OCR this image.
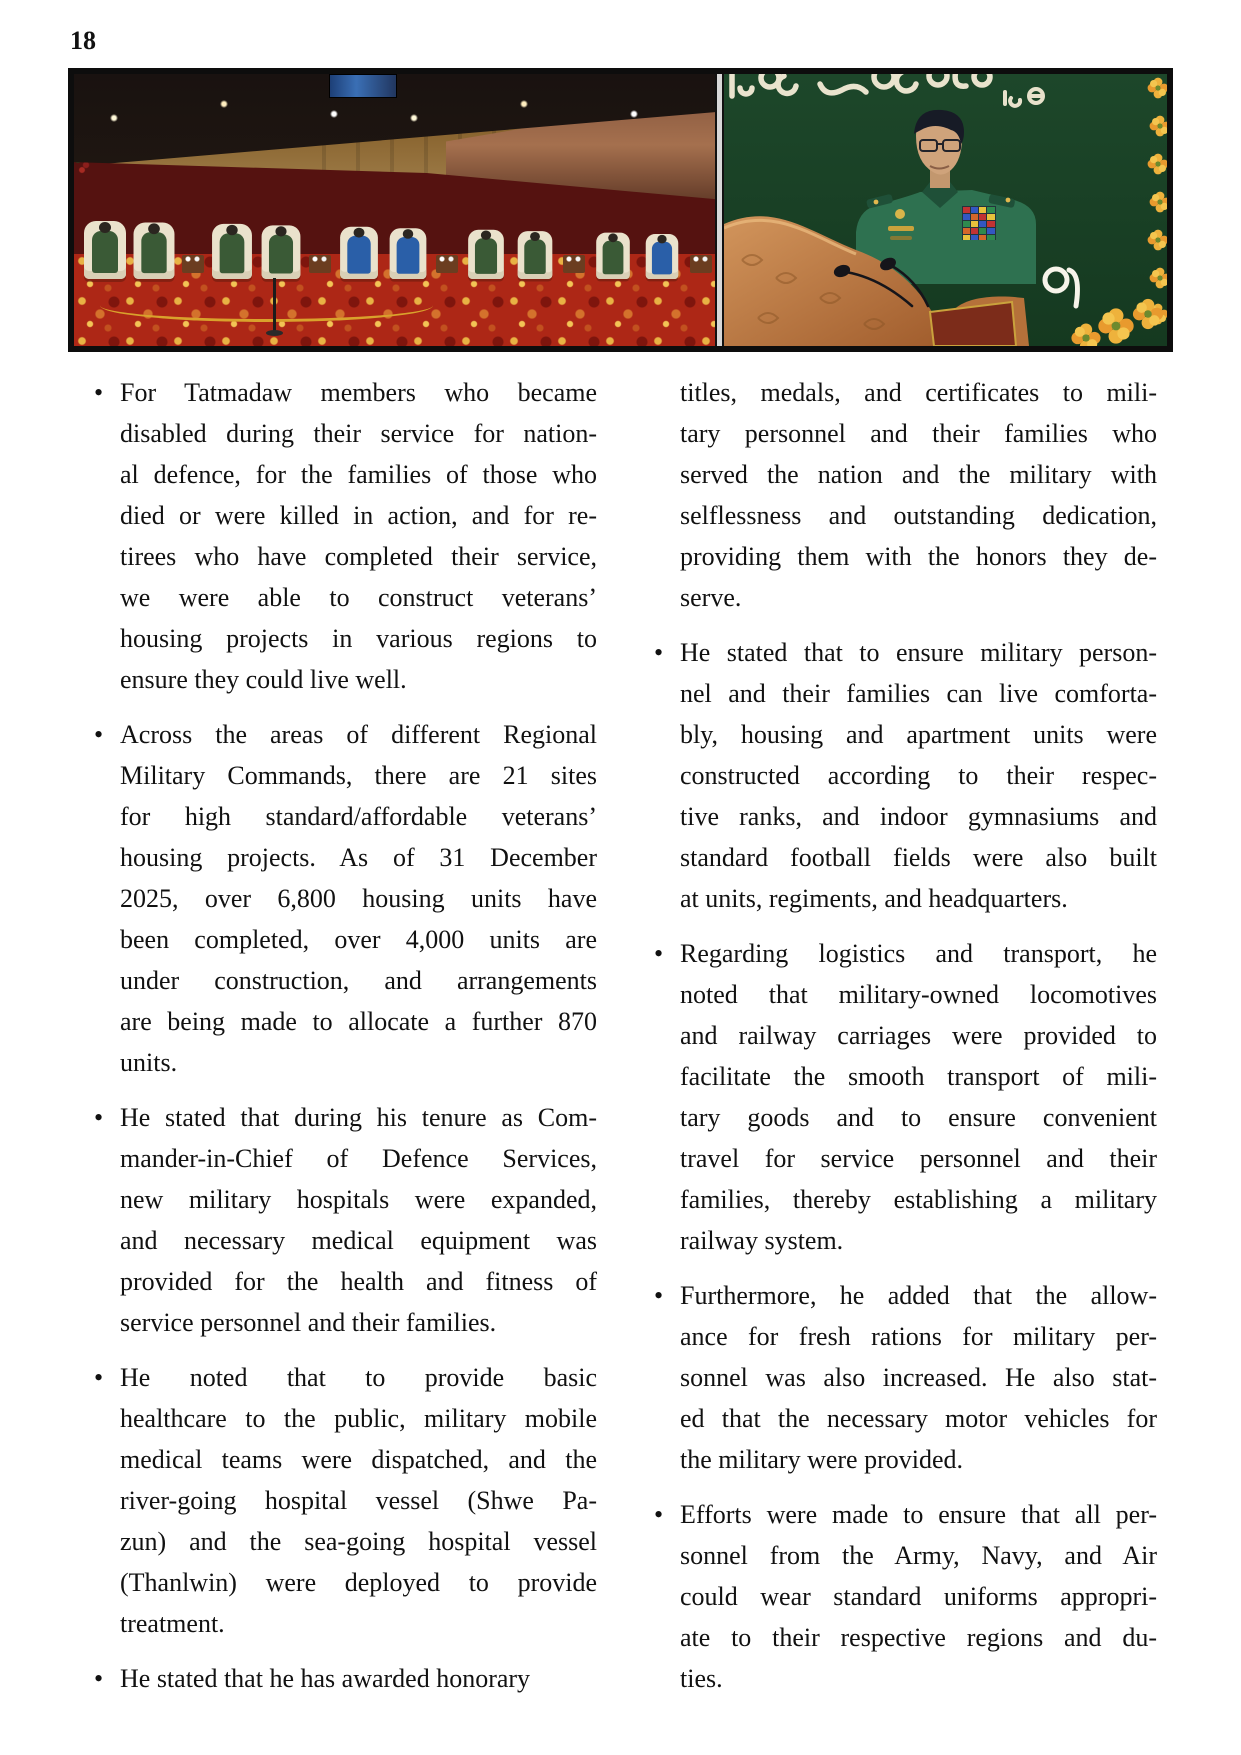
18
• For Tatmadaw members who became
disabled during their service for nation-
al defence, for the families of those who
died or were killed in action, and for re-
tirees who have completed their service,
we were able to construct veterans’
housing projects in various regions to
ensure they could live well.
• Across the areas of different Regional
Military Commands, there are 21 sites
for high standard/affordable veterans’
housing projects. As of 31 December
2025, over 6,800 housing units have
been completed, over 4,000 units are
under construction, and arrangements
are being made to allocate a further 870
units.
• He stated that during his tenure as Com-
mander-in-Chief of Defence Services,
new military hospitals were expanded,
and necessary medical equipment was
provided for the health and fitness of
service personnel and their families.
• He noted that to provide basic
healthcare to the public, military mobile
medical teams were dispatched, and the
river-going hospital vessel (Shwe Pa-
zun) and the sea-going hospital vessel
(Thanlwin) were deployed to provide
treatment.
• He stated that he has awarded honorary
titles, medals, and certificates to mili-
tary personnel and their families who
served the nation and the military with
selflessness and outstanding dedication,
providing them with the honors they de-
serve.
• He stated that to ensure military person-
nel and their families can live comforta-
bly, housing and apartment units were
constructed according to their respec-
tive ranks, and indoor gymnasiums and
standard football fields were also built
at units, regiments, and headquarters.
• Regarding logistics and transport, he
noted that military-owned locomotives
and railway carriages were provided to
facilitate the smooth transport of mili-
tary goods and to ensure convenient
travel for service personnel and their
families, thereby establishing a military
railway system.
• Furthermore, he added that the allow-
ance for fresh rations for military per-
sonnel was also increased. He also stat-
ed that the necessary motor vehicles for
the military were provided.
• Efforts were made to ensure that all per-
sonnel from the Army, Navy, and Air
could wear standard uniforms appropri-
ate to their respective regions and du-
ties.
